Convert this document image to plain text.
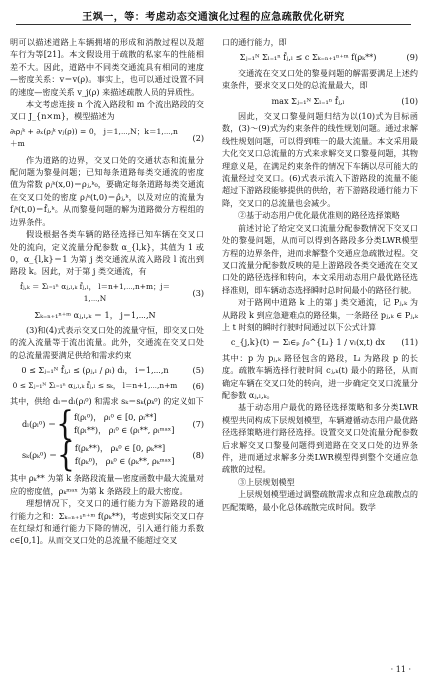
王飒一，等：考虑动态交通演化过程的应急疏散优化研究

明可以描述道路上车辆拥堵的形成和消散过程以及超车行为等[21]。本文假设用于疏散的私家车的性能相差不大。因此，道路中不同类交通流具有相同的速度—密度关系：v＝v(ρ)。事实上，也可以通过设置不同的速度—密度关系 v_j(ρ) 来描述疏散人员的异质性。

本文考虑连接 n 个流入路段和 m 个流出路段的交叉口 J_{n×m}，模型描述为

∂ₜρⱼᵏ + ∂ₓ(ρⱼᵏ vⱼ(ρ)) = 0， j＝1,⋯,N；k＝1,⋯,n＋m
(2)

作为道路的边界，交叉口处的交通状态和流量分配问题为黎曼问题；已知每条道路每类交通流的密度值为常数 ρⱼᵏ(x,0)＝ρⱼ,ᵏ₀，要确定每条道路每类交通流在交叉口处的密度 ρⱼᵏ(t,0)＝ρ̂ⱼ,ᵏ，以及对应的流量为 fⱼᵏ(t,0)＝f̂ⱼ,ᵏ。从而黎曼问题的解为道路微分方程组的边界条件。

假设根据各类车辆的路径选择已知车辆在交叉口处的流向，定义流量分配参数 α_{l,k}，其值为 1 或 0，α_{l,k}＝1 为第 j 类交通流从流入路段 l 流出到路段 k。因此，对于第 j 类交通流，有

f̂ⱼ,ₖ ＝ Σₗ₌₁ⁿ αⱼ,ₗ,ₖ f̂ⱼ,ₗ， l＝n+1,⋯,n+m；j＝1,⋯,N
(3)
Σₖ₌ₙ₊₁ⁿ⁺ᵐ αⱼ,ₗ,ₖ ＝ 1， j＝1,⋯,N

(3)和(4)式表示交叉口处的流量守恒，即交叉口处的流入流量等于流出流量。此外，交通流在交叉口处的总流量需要满足供给和需求约束

0 ≤ Σⱼ₌₁ᴺ f̂ⱼ,ₗ ≤ (ρⱼ,ₗ / ρₗ) dₗ， i＝1,⋯,n	(5)
0 ≤ Σⱼ₌₁ᴺ Σₗ₌₁ⁿ αⱼ,ₗ,ₖ f̂ⱼ,ₗ ≤ sₖ， l＝n+1,⋯,n+m	(6)

其中，供给 dₗ＝dₗ(ρₗ⁰) 和需求 sₖ＝sₖ(ρₖ⁰) 的定义如下

dₗ(ρₗ⁰) ＝ { f(ρₗ⁰)， ρₗ⁰ ∈ [0, ρₗ**]
f(ρₗ**)， ρₗ⁰ ∈ (ρₗ**, ρₗᵐᵃˣ]
(7)
sₖ(ρₖ⁰) ＝ { f(ρₖ**)， ρₖ⁰ ∈ [0, ρₖ**]
f(ρₖ⁰)， ρₖ⁰ ∈ (ρₖ**, ρₖᵐᵃˣ]
(8)

其中 ρₖ** 为第 k 条路段流量—密度函数中最大流量对应的密度值，ρₖᵐᵃˣ 为第 k 条路段上的最大密度。

理想情况下，交叉口的通行能力为下游路段的通行能力之和：Σₖ₌ₙ₊₁ⁿ⁺ᵐ f(ρₖ**)，考虑到实际交叉口存在红绿灯和通行能力下降的情况，引入通行能力系数 c∈[0,1]。从而交叉口处的总流量不能超过交叉

口的通行能力，即

Σⱼ₌₁ᴺ Σₗ₌₁ⁿ f̂ⱼ,ₗ ≤ c Σₖ₌ₙ₊₁ⁿ⁺ᵐ f(ρₖ**)	(9)

交通流在交叉口处的黎曼问题的解需要满足上述约束条件，要求交叉口处的总流量最大，即

max Σⱼ₌₁ᴺ Σₗ₌₁ⁿ f̂ⱼ,ₗ	(10)

因此，交叉口黎曼问题归结为以(10)式为目标函数，(3)～(9)式为约束条件的线性规划问题。通过求解线性规划问题，可以得到唯一的最大流量。本文采用最大化交叉口总流量的方式来求解交叉口黎曼问题，其物理意义是，在满足约束条件的情况下车辆以尽可能大的流量经过交叉口。(6)式表示流入下游路段的流量不能超过下游路段能够提供的供给，若下游路段通行能力下降，交叉口的总流量也会减少。

②基于动态用户优化最优准则的路径选择策略

前述讨论了给定交叉口流量分配参数情况下交叉口处的黎曼问题，从而可以得到各路段多分类LWR模型方程的边界条件，进而求解整个交通应急疏散过程。交叉口流量分配参数反映的是上游路段各类交通流在交叉口处的路径选择和转向，本文采用动态用户最优路径选择准则，即车辆动态选择瞬时总时间最小的路径行驶。

对于路网中道路 k 上的第 j 类交通流，记 Pⱼ,ₖ 为从路段 k 到应急避难点的路径集，一条路径 pⱼ,ₖ ∈ Pⱼ,ₖ 上 t 时刻的瞬时行驶时间通过以下公式计算

c_{j,k}(t) ＝ Σₗ∈ₚ ∫₀^{Lₗ} 1 / vₗ(x,t) dx	(11)

其中：p 为 pⱼ,ₖ 路径包含的路段，Lₗ 为路段 p 的长度。疏散车辆选择行驶时间 cⱼ,ₖ(t) 最小的路径，从而确定车辆在交叉口处的转向，进一步确定交叉口流量分配参数 αⱼ,ₗ,ₖ。

基于动态用户最优的路径选择策略和多分类LWR模型共同构成下层规划模型，车辆遵循动态用户最优路径选择策略进行路径选择。设置交叉口处流量分配参数后求解交叉口黎曼问题得到道路在交叉口处的边界条件，进而通过求解多分类LWR模型得到整个交通应急疏散的过程。

③上层规划模型

上层规划模型通过调整疏散需求点和应急疏散点的匹配策略，最小化总体疏散完成时间。数学

· 11 ·
